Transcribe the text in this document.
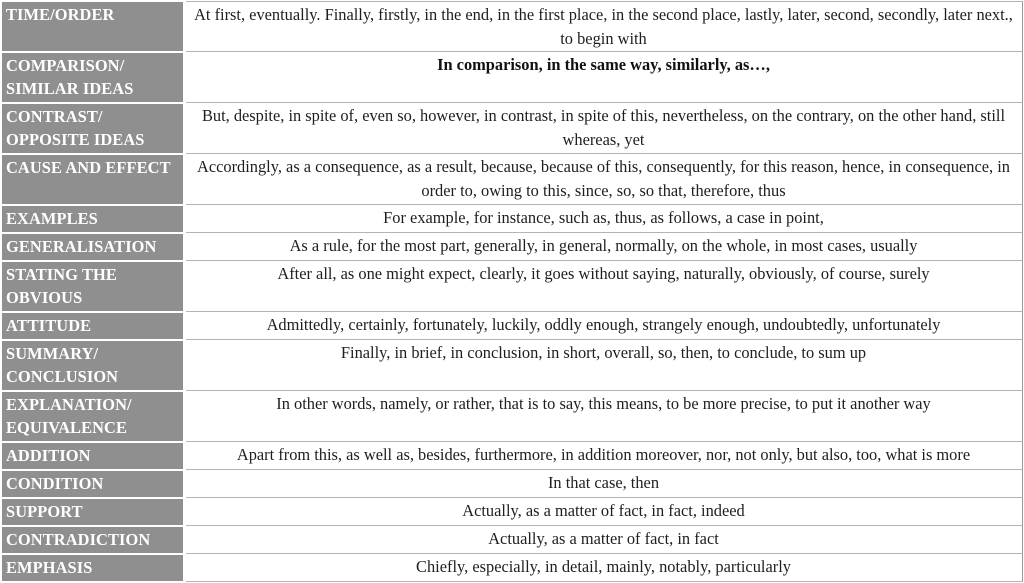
TIME/ORDER	At first, eventually. Finally, firstly, in the end, in the first place, in the second place, lastly, later, second, secondly, later next., to begin with
COMPARISON/ SIMILAR IDEAS	In comparison, in the same way, similarly, as…,
CONTRAST/ OPPOSITE IDEAS	But, despite, in spite of, even so, however, in contrast, in spite of this, nevertheless, on the contrary, on the other hand, still whereas, yet
CAUSE AND EFFECT	Accordingly, as a consequence, as a result, because, because of this, consequently, for this reason, hence, in consequence, in order to, owing to this, since, so, so that, therefore, thus
EXAMPLES	For example, for instance, such as, thus, as follows, a case in point,
GENERALISATION	As a rule, for the most part, generally, in general, normally, on the whole, in most cases, usually
STATING THE OBVIOUS	After all, as one might expect, clearly, it goes without saying, naturally, obviously, of course, surely
ATTITUDE	Admittedly, certainly, fortunately, luckily, oddly enough, strangely enough, undoubtedly, unfortunately
SUMMARY/ CONCLUSION	Finally, in brief, in conclusion, in short, overall, so, then, to conclude, to sum up
EXPLANATION/ EQUIVALENCE	In other words, namely, or rather, that is to say, this means, to be more precise, to put it another way
ADDITION	Apart from this, as well as, besides, furthermore, in addition moreover, nor, not only, but also, too, what is more
CONDITION	In that case, then
SUPPORT	Actually, as a matter of fact, in fact, indeed
CONTRADICTION	Actually, as a matter of fact, in fact
EMPHASIS	Chiefly, especially, in detail, mainly, notably, particularly
